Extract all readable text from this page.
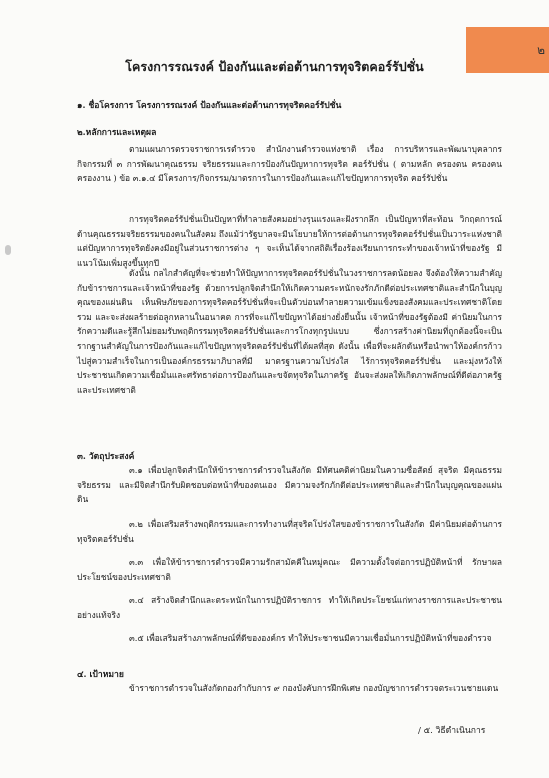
๒
โครงการรณรงค์ ป้องกันและต่อต้านการทุจริตคอร์รัปชั่น
๑. ชื่อโครงการ โครงการรณรงค์ ป้องกันและต่อต้านการทุจริตคอร์รัปชั่น
๒.หลักการและเหตุผล
ตามแผนการตรวจราชการเรตำรวจ สำนักงานตำรวจแห่งชาติ เรื่อง การบริหารและพัฒนาบุคลากร กิจกรรมที่ ๓ การพัฒนาคุณธรรม จริยธรรมและการป้องกันปัญหาการทุจริต คอร์รัปชั่น ( ตามหลัก ครองตน ครองคน ครองงาน ) ข้อ ๓.๑.๔ มีโครงการ/กิจกรรม/มาตรการในการป้องกันและแก้ไขปัญหาการทุจริต คอร์รัปชั่น
การทุจริตคอร์รัปชั่นเป็นปัญหาที่ทำลายสังคมอย่างรุนแรงและฝังรากลึก เป็นปัญหาที่สะท้อน วิกฤตการณ์ด้านคุณธรรมจริยธรรมของคนในสังคม ถึงแม้ว่ารัฐบาลจะมีนโยบายให้การต่อต้านการทุจริตคอร์รัปชั่นเป็นวาระแห่งชาติ แต่ปัญหาการทุจริตยังคงมีอยู่ในส่วนราชการต่าง ๆ จะเห็นได้จากสถิติเรื่องร้องเรียนการกระทำของเจ้าหน้าที่ของรัฐ มีแนวโน้มเพิ่มสูงขึ้นทุกปี
ดังนั้น กลไกสำคัญที่จะช่วยทำให้ปัญหาการทุจริตคอร์รัปชั่นในวงราชการลดน้อยลง จึงต้องให้ความสำคัญกับข้าราชการและเจ้าหน้าที่ของรัฐ ด้วยการปลูกจิตสำนึกให้เกิดความตระหนักจงรักภักดีต่อประเทศชาติและสำนึกในบุญคุณของแผ่นดิน เห็นพิษภัยของการทุจริตคอร์รัปชั่นที่จะเป็นตัวบ่อนทำลายความเข้มแข็งของสังคมและประเทศชาติโดยรวม และจะส่งผลร้ายต่อลูกหลานในอนาคต การที่จะแก้ไขปัญหาได้อย่างยั่งยืนนั้น เจ้าหน้าที่ของรัฐต้องมี ค่านิยมในการรักความดีและรู้สึกไม่ยอมรับพฤติกรรมทุจริตคอร์รัปชั่นและการโกงทุกรูปแบบ ซึ่งการสร้างค่านิยมที่ถูกต้องนี้จะเป็นรากฐานสำคัญในการป้องกันและแก้ไขปัญหาทุจริตคอร์รัปชั่นที่ได้ผลที่สุด ดังนั้น เพื่อที่จะผลักดันหรือนำพาให้องค์กรก้าวไปสู่ความสำเร็จในการเป็นองค์กรธรรมาภิบาลที่มี มาตรฐานความโปร่งใส ไร้การทุจริตคอร์รัปชั่น และมุ่งหวังให้ประชาชนเกิดความเชื่อมั่นและศรัทธาต่อการป้องกันและขจัดทุจริตในภาครัฐ อันจะส่งผลให้เกิดภาพลักษณ์ที่ดีต่อภาครัฐ และประเทศชาติ
๓. วัตถุประสงค์
๓.๑ เพื่อปลูกจิตสำนึกให้ข้าราชการตำรวจในสังกัด มีทัศนคติค่านิยมในความซื่อสัตย์ สุจริต มีคุณธรรม จริยธรรม และมีจิตสำนึกรับผิดชอบต่อหน้าที่ของตนเอง มีความจงรักภักดีต่อประเทศชาติและสำนึกในบุญคุณของแผ่นดิน
๓.๒ เพื่อเสริมสร้างพฤติกรรมและการทำงานที่สุจริตโปร่งใสของข้าราชการในสังกัด มีค่านิยมต่อต้านการทุจริตคอร์รัปชั่น
๓.๓ เพื่อให้ข้าราชการตำรวจมีความรักสามัคคีในหมู่คณะ มีความตั้งใจต่อการปฏิบัติหน้าที่ รักษาผลประโยชน์ของประเทศชาติ
๓.๔ สร้างจิตสำนึกและตระหนักในการปฏิบัติราชการ ทำให้เกิดประโยชน์แก่ทางราชการและประชาชนอย่างแท้จริง
๓.๕ เพื่อเสริมสร้างภาพลักษณ์ที่ดีขององค์กร ทำให้ประชาชนมีความเชื่อมั่นการปฏิบัติหน้าที่ของตำรวจ
๔. เป้าหมาย
ข้าราชการตำรวจในสังกัดกองกำกับการ ๙ กองบังคับการฝึกพิเศษ กองบัญชาการตำรวจตระเวนชายแดน
/ ๕. วิธีดำเนินการ
